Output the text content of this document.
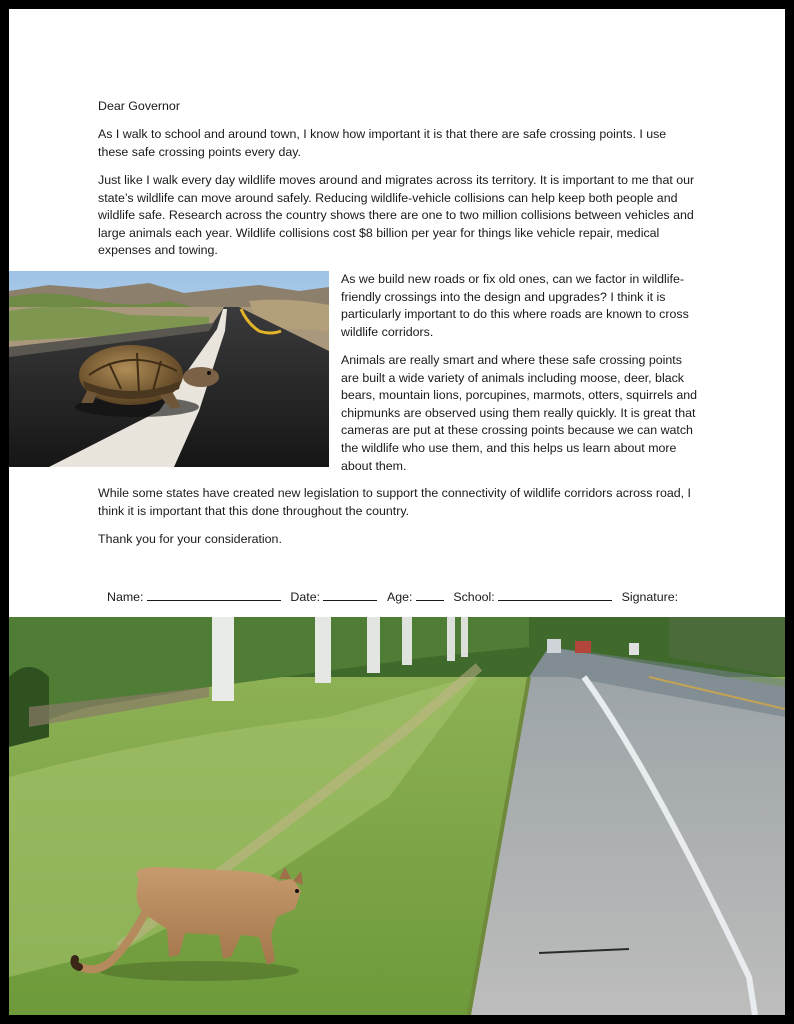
Dear Governor
As I walk to school and around town, I know how important it is that there are safe crossing points. I use these safe crossing points every day.
Just like I walk every day wildlife moves around and migrates across its territory. It is important to me that our state’s wildlife can move around safely. Reducing wildlife-vehicle collisions can help keep both people and wildlife safe. Research across the country shows there are one to two million collisions between vehicles and large animals each year. Wildlife collisions cost $8 billion per year for things like vehicle repair, medical expenses and towing.
As we build new roads or fix old ones, can we factor in wildlife-friendly crossings into the design and upgrades? I think it is particularly important to do this where roads are known to cross wildlife corridors.
Animals are really smart and where these safe crossing points are built a wide variety of animals including moose, deer, black bears, mountain lions, porcupines, marmots, otters, squirrels and chipmunks are observed using them really quickly. It is great that cameras are put at these crossing points because we can watch the wildlife who use them, and this helps us learn about more about them.
While some states have created new legislation to support the connectivity of wildlife corridors across road, I think it is important that this done throughout the country.
Thank you for your consideration.
Name:	Date:	Age:	School:	Signature:
